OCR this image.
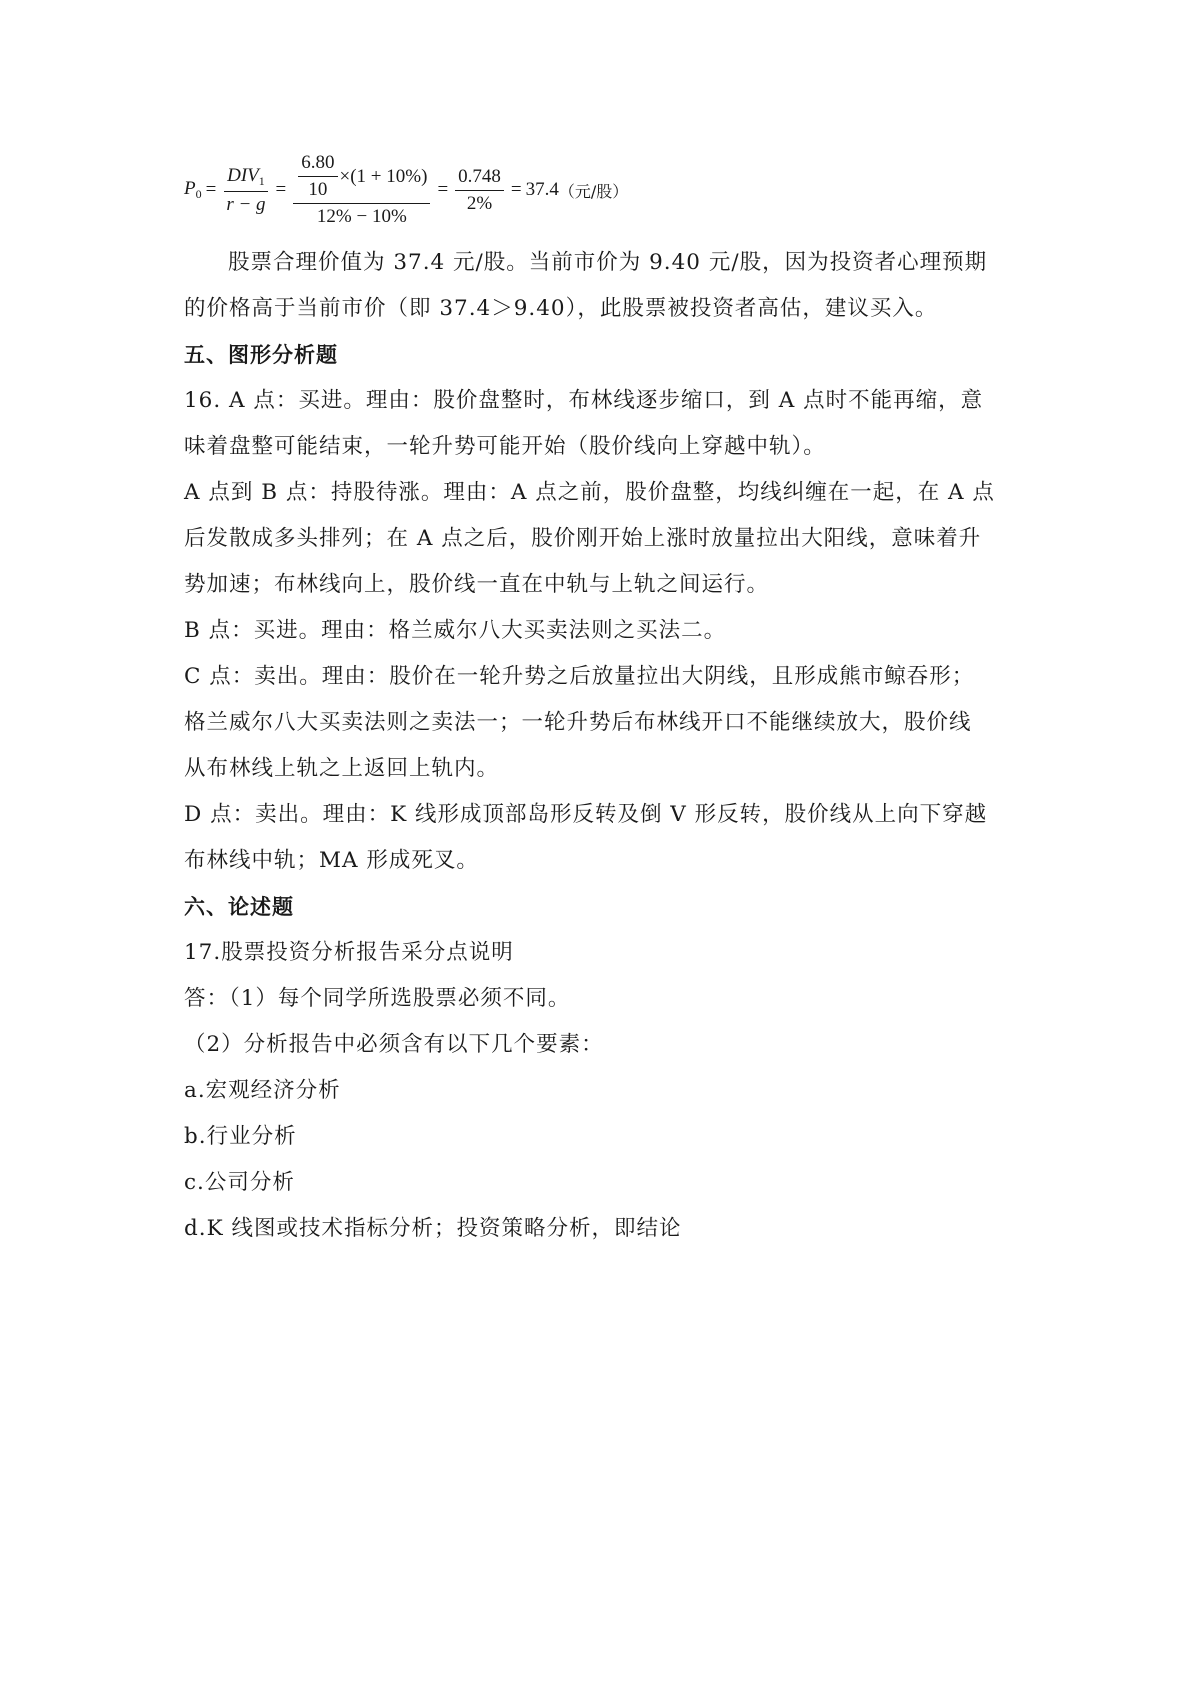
$P_0 = \frac{DIV_1}{r - g} = \frac{\frac{6.80}{10} \times (1 + 10\%)}{12\% - 10\%} = \frac{0.748}{2\%} = 37.4$ （元/股）
股票合理价值为 37.4 元/股。当前市价为 9.40 元/股，因为投资者心理预期
的价格高于当前市价（即 37.4＞9.40），此股票被投资者高估，建议买入。
五、图形分析题
16. A 点：买进。理由：股价盘整时，布林线逐步缩口，到 A 点时不能再缩，意
味着盘整可能结束，一轮升势可能开始（股价线向上穿越中轨）。
A 点到 B 点：持股待涨。理由：A 点之前，股价盘整，均线纠缠在一起，在 A 点
后发散成多头排列；在 A 点之后，股价刚开始上涨时放量拉出大阳线，意味着升
势加速；布林线向上，股价线一直在中轨与上轨之间运行。
B 点：买进。理由：格兰威尔八大买卖法则之买法二。
C 点：卖出。理由：股价在一轮升势之后放量拉出大阴线，且形成熊市鲸吞形；
格兰威尔八大买卖法则之卖法一；一轮升势后布林线开口不能继续放大，股价线
从布林线上轨之上返回上轨内。
D 点：卖出。理由：K 线形成顶部岛形反转及倒 V 形反转，股价线从上向下穿越
布林线中轨；MA 形成死叉。
六、论述题
17.股票投资分析报告采分点说明
答：（1）每个同学所选股票必须不同。
（2）分析报告中必须含有以下几个要素：
a.宏观经济分析
b.行业分析
c.公司分析
d.K 线图或技术指标分析；投资策略分析，即结论
